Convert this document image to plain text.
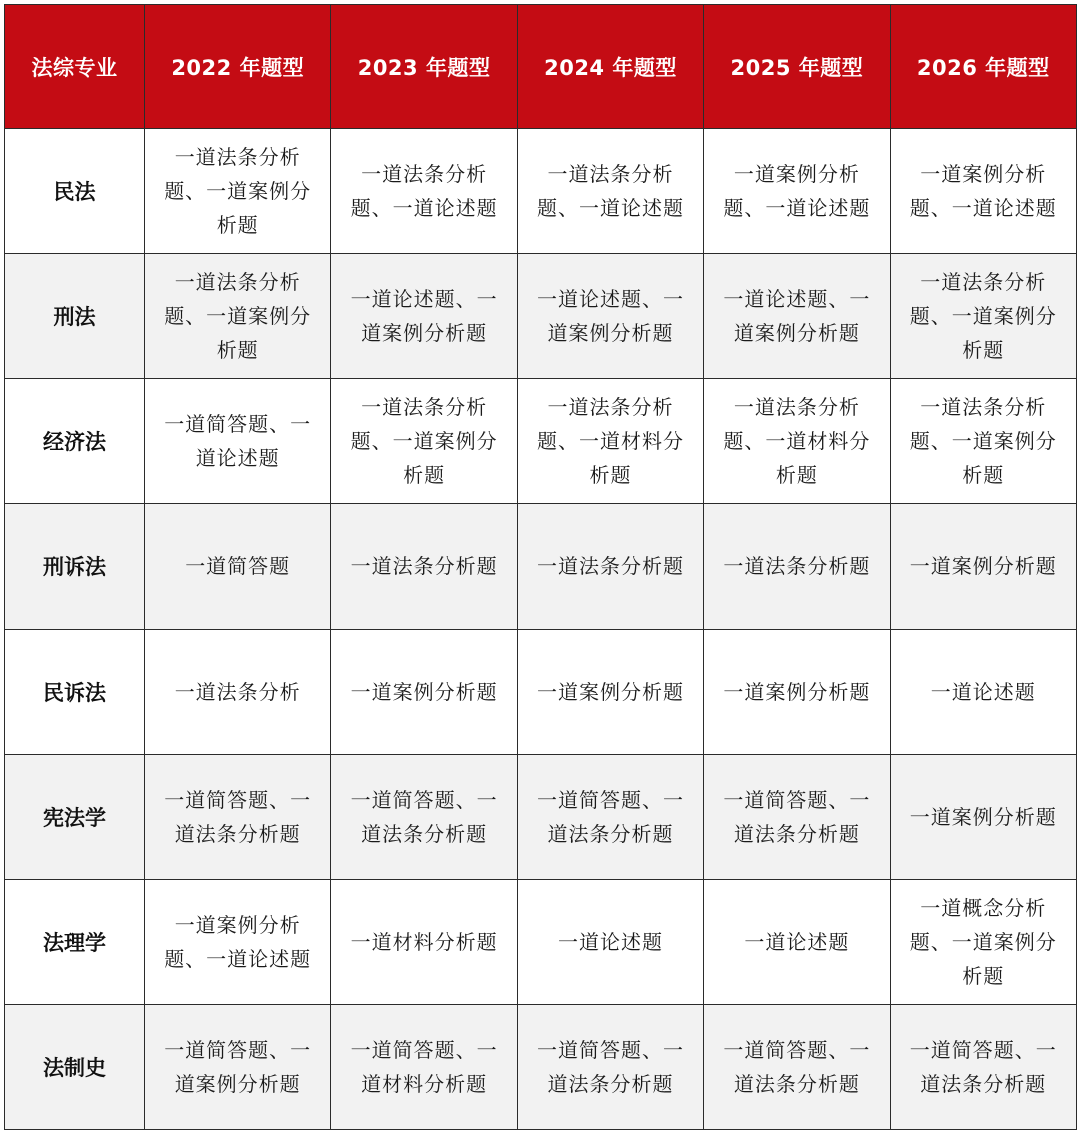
法综专业	2022 年题型	2023 年题型	2024 年题型	2025 年题型	2026 年题型
民法	一道法条分析题、一道案例分析题	一道法条分析题、一道论述题	一道法条分析题、一道论述题	一道案例分析题、一道论述题	一道案例分析题、一道论述题
刑法	一道法条分析题、一道案例分析题	一道论述题、一道案例分析题	一道论述题、一道案例分析题	一道论述题、一道案例分析题	一道法条分析题、一道案例分析题
经济法	一道简答题、一道论述题	一道法条分析题、一道案例分析题	一道法条分析题、一道材料分析题	一道法条分析题、一道材料分析题	一道法条分析题、一道案例分析题
刑诉法	一道简答题	一道法条分析题	一道法条分析题	一道法条分析题	一道案例分析题
民诉法	一道法条分析	一道案例分析题	一道案例分析题	一道案例分析题	一道论述题
宪法学	一道简答题、一道法条分析题	一道简答题、一道法条分析题	一道简答题、一道法条分析题	一道简答题、一道法条分析题	一道案例分析题
法理学	一道案例分析题、一道论述题	一道材料分析题	一道论述题	一道论述题	一道概念分析题、一道案例分析题
法制史	一道简答题、一道案例分析题	一道简答题、一道材料分析题	一道简答题、一道法条分析题	一道简答题、一道法条分析题	一道简答题、一道法条分析题
